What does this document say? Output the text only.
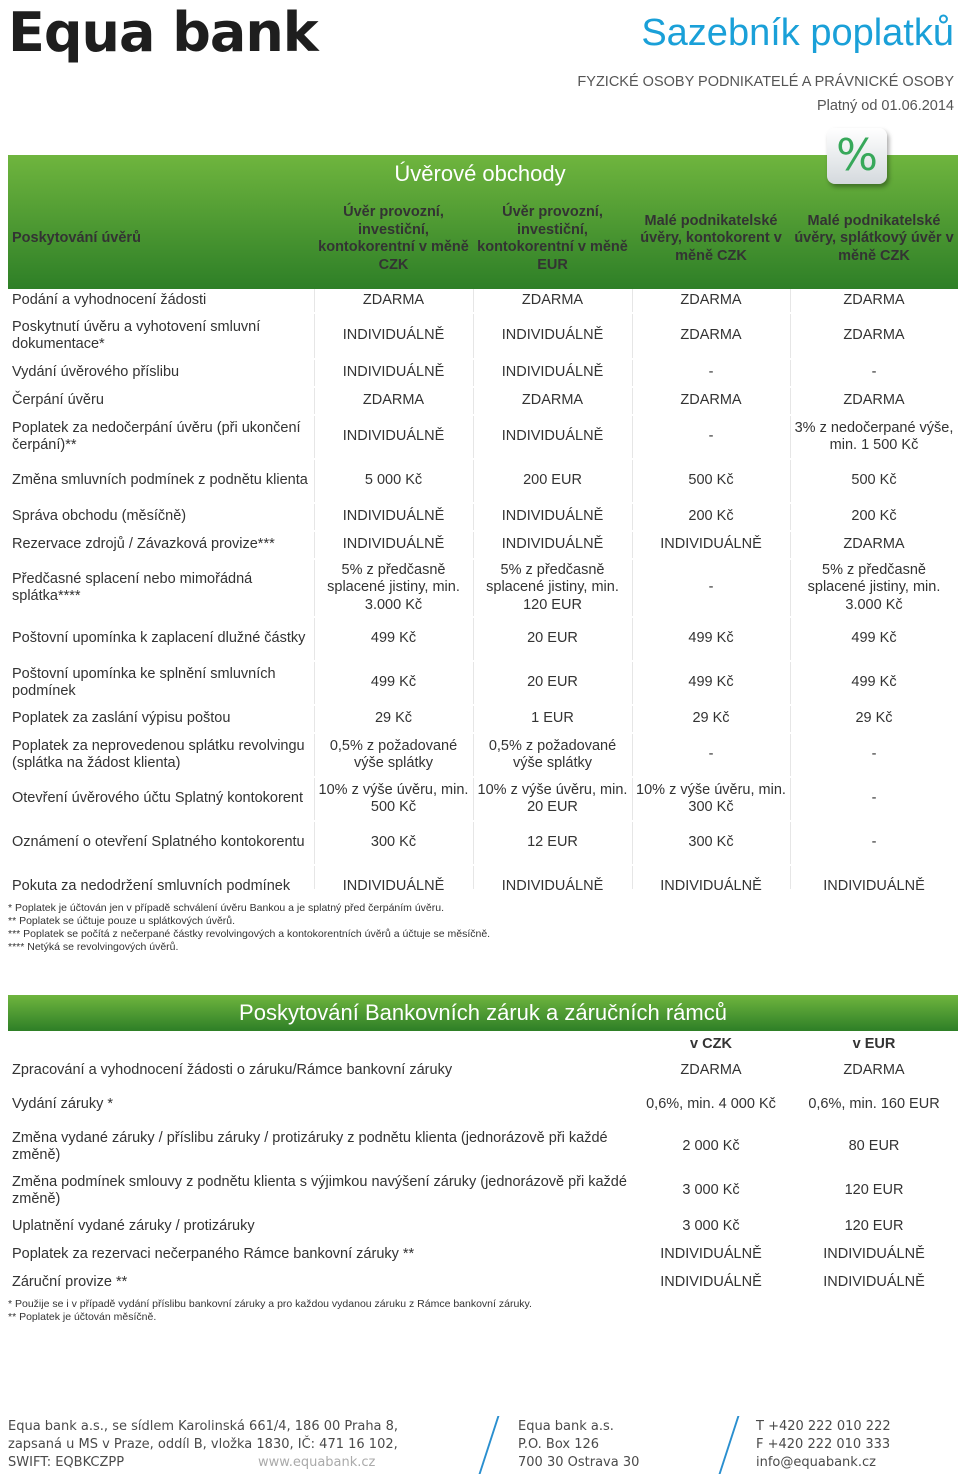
Equa bank	Sazebník poplatků
FYZICKÉ OSOBY PODNIKATELÉ A PRÁVNICKÉ OSOBY
Platný od 01.06.2014
Úvěrové obchody	%
Poskytování úvěrů	Úvěr provozní, investiční, kontokorentní v měně CZK	Úvěr provozní, investiční, kontokorentní v měně EUR	Malé podnikatelské úvěry, kontokorent v měně CZK	Malé podnikatelské úvěry, splátkový úvěr v měně CZK
Podání a vyhodnocení žádosti	ZDARMA	ZDARMA	ZDARMA	ZDARMA
Poskytnutí úvěru a vyhotovení smluvní dokumentace*	INDIVIDUÁLNĚ	INDIVIDUÁLNĚ	ZDARMA	ZDARMA
Vydání úvěrového příslibu	INDIVIDUÁLNĚ	INDIVIDUÁLNĚ	-	-
Čerpání úvěru	ZDARMA	ZDARMA	ZDARMA	ZDARMA
Poplatek za nedočerpání úvěru (při ukončení čerpání)**	INDIVIDUÁLNĚ	INDIVIDUÁLNĚ	-	3% z nedočerpané výše, min. 1 500 Kč
Změna smluvních podmínek z podnětu klienta	5 000 Kč	200 EUR	500 Kč	500 Kč
Správa obchodu (měsíčně)	INDIVIDUÁLNĚ	INDIVIDUÁLNĚ	200 Kč	200 Kč
Rezervace zdrojů / Závazková provize***	INDIVIDUÁLNĚ	INDIVIDUÁLNĚ	INDIVIDUÁLNĚ	ZDARMA
Předčasné splacení nebo mimořádná splátka****	5% z předčasně splacené jistiny, min. 3.000 Kč	5% z předčasně splacené jistiny, min. 120 EUR	-	5% z předčasně splacené jistiny, min. 3.000 Kč
Poštovní upomínka k zaplacení dlužné částky	499 Kč	20 EUR	499 Kč	499 Kč
Poštovní upomínka ke splnění smluvních podmínek	499 Kč	20 EUR	499 Kč	499 Kč
Poplatek za zaslání výpisu poštou	29 Kč	1 EUR	29 Kč	29 Kč
Poplatek za neprovedenou splátku revolvingu (splátka na žádost klienta)	0,5% z požadované výše splátky	0,5% z požadované výše splátky	-	-
Otevření úvěrového účtu Splatný kontokorent	10% z výše úvěru, min. 500 Kč	10% z výše úvěru, min. 20 EUR	10% z výše úvěru, min. 300 Kč	-
Oznámení o otevření Splatného kontokorentu	300 Kč	12 EUR	300 Kč	-
Pokuta za nedodržení smluvních podmínek	INDIVIDUÁLNĚ	INDIVIDUÁLNĚ	INDIVIDUÁLNĚ	INDIVIDUÁLNĚ
* Poplatek je účtován jen v případě schválení úvěru Bankou a je splatný před čerpáním úvěru.
** Poplatek se účtuje pouze u splátkových úvěrů.
*** Poplatek se počítá z nečerpané částky revolvingových a kontokorentních úvěrů a účtuje se měsíčně.
**** Netýká se revolvingových úvěrů.
Poskytování Bankovních záruk a záručních rámců
	v CZK	v EUR
Zpracování a vyhodnocení žádosti o záruku/Rámce bankovní záruky	ZDARMA	ZDARMA
Vydání záruky *	0,6%, min. 4 000 Kč	0,6%, min. 160 EUR
Změna vydané záruky / příslibu záruky / protizáruky z podnětu klienta (jednorázově při každé změně)	2 000 Kč	80 EUR
Změna podmínek smlouvy z podnětu klienta s výjimkou navýšení záruky (jednorázově při každé změně)	3 000 Kč	120 EUR
Uplatnění vydané záruky / protizáruky	3 000 Kč	120 EUR
Poplatek za rezervaci nečerpaného Rámce bankovní záruky **	INDIVIDUÁLNĚ	INDIVIDUÁLNĚ
Záruční provize **	INDIVIDUÁLNĚ	INDIVIDUÁLNĚ
* Použije se i v případě vydání příslibu bankovní záruky a pro každou vydanou záruku z Rámce bankovní záruky.
** Poplatek je účtován měsíčně.
Equa bank a.s., se sídlem Karolinská 661/4, 186 00 Praha 8,
zapsaná u MS v Praze, oddíl B, vložka 1830, IČ: 471 16 102,
SWIFT: EQBKCZPP	www.equabank.cz
Equa bank a.s.
P.O. Box 126
700 30 Ostrava 30
T +420 222 010 222
F +420 222 010 333
info@equabank.cz
